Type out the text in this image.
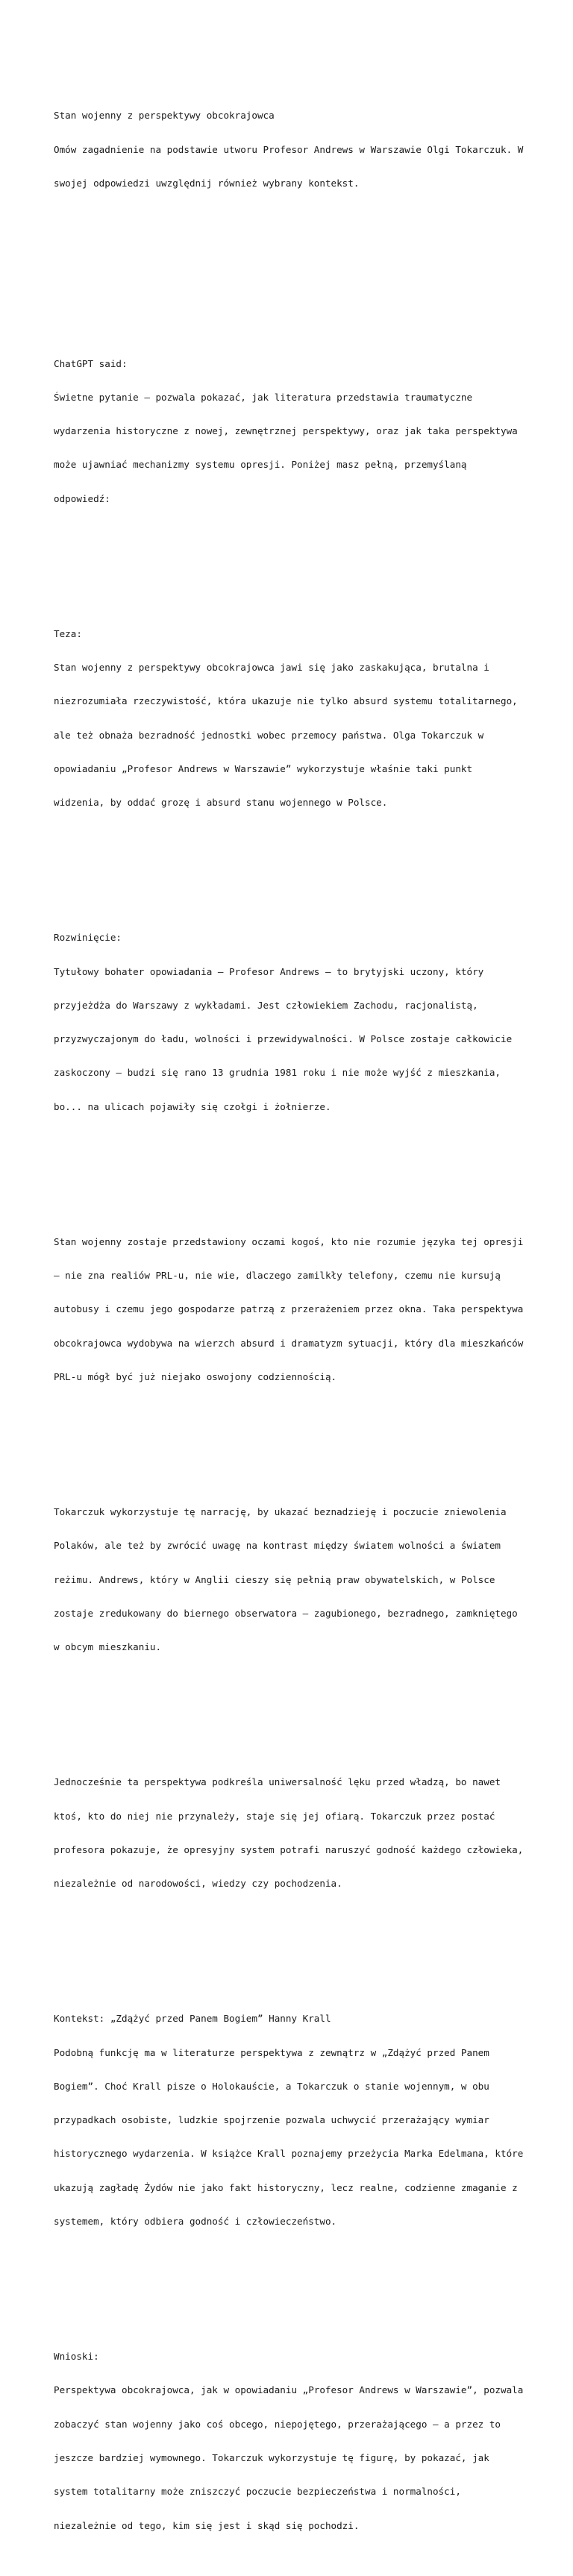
Stan wojenny z perspektywy obcokrajowca

Omów zagadnienie na podstawie utworu Profesor Andrews w Warszawie Olgi Tokarczuk. W

swojej odpowiedzi uwzględnij również wybrany kontekst.

ChatGPT said:

Świetne pytanie – pozwala pokazać, jak literatura przedstawia traumatyczne

wydarzenia historyczne z nowej, zewnętrznej perspektywy, oraz jak taka perspektywa

może ujawniać mechanizmy systemu opresji. Poniżej masz pełną, przemyślaną

odpowiedź:

Teza:

Stan wojenny z perspektywy obcokrajowca jawi się jako zaskakująca, brutalna i

niezrozumiała rzeczywistość, która ukazuje nie tylko absurd systemu totalitarnego,

ale też obnaża bezradność jednostki wobec przemocy państwa. Olga Tokarczuk w

opowiadaniu „Profesor Andrews w Warszawie” wykorzystuje właśnie taki punkt

widzenia, by oddać grozę i absurd stanu wojennego w Polsce.

Rozwinięcie:

Tytułowy bohater opowiadania – Profesor Andrews – to brytyjski uczony, który

przyjeżdża do Warszawy z wykładami. Jest człowiekiem Zachodu, racjonalistą,

przyzwyczajonym do ładu, wolności i przewidywalności. W Polsce zostaje całkowicie

zaskoczony – budzi się rano 13 grudnia 1981 roku i nie może wyjść z mieszkania,

bo... na ulicach pojawiły się czołgi i żołnierze.

Stan wojenny zostaje przedstawiony oczami kogoś, kto nie rozumie języka tej opresji

– nie zna realiów PRL-u, nie wie, dlaczego zamilkły telefony, czemu nie kursują

autobusy i czemu jego gospodarze patrzą z przerażeniem przez okna. Taka perspektywa

obcokrajowca wydobywa na wierzch absurd i dramatyzm sytuacji, który dla mieszkańców

PRL-u mógł być już niejako oswojony codziennością.

Tokarczuk wykorzystuje tę narrację, by ukazać beznadzieję i poczucie zniewolenia

Polaków, ale też by zwrócić uwagę na kontrast między światem wolności a światem

reżimu. Andrews, który w Anglii cieszy się pełnią praw obywatelskich, w Polsce

zostaje zredukowany do biernego obserwatora – zagubionego, bezradnego, zamkniętego

w obcym mieszkaniu.

Jednocześnie ta perspektywa podkreśla uniwersalność lęku przed władzą, bo nawet

ktoś, kto do niej nie przynależy, staje się jej ofiarą. Tokarczuk przez postać

profesora pokazuje, że opresyjny system potrafi naruszyć godność każdego człowieka,

niezależnie od narodowości, wiedzy czy pochodzenia.

Kontekst: „Zdążyć przed Panem Bogiem” Hanny Krall

Podobną funkcję ma w literaturze perspektywa z zewnątrz w „Zdążyć przed Panem

Bogiem”. Choć Krall pisze o Holokauście, a Tokarczuk o stanie wojennym, w obu

przypadkach osobiste, ludzkie spojrzenie pozwala uchwycić przerażający wymiar

historycznego wydarzenia. W książce Krall poznajemy przeżycia Marka Edelmana, które

ukazują zagładę Żydów nie jako fakt historyczny, lecz realne, codzienne zmaganie z

systemem, który odbiera godność i człowieczeństwo.

Wnioski:

Perspektywa obcokrajowca, jak w opowiadaniu „Profesor Andrews w Warszawie”, pozwala

zobaczyć stan wojenny jako coś obcego, niepojętego, przerażającego – a przez to

jeszcze bardziej wymownego. Tokarczuk wykorzystuje tę figurę, by pokazać, jak

system totalitarny może zniszczyć poczucie bezpieczeństwa i normalności,

niezależnie od tego, kim się jest i skąd się pochodzi.
